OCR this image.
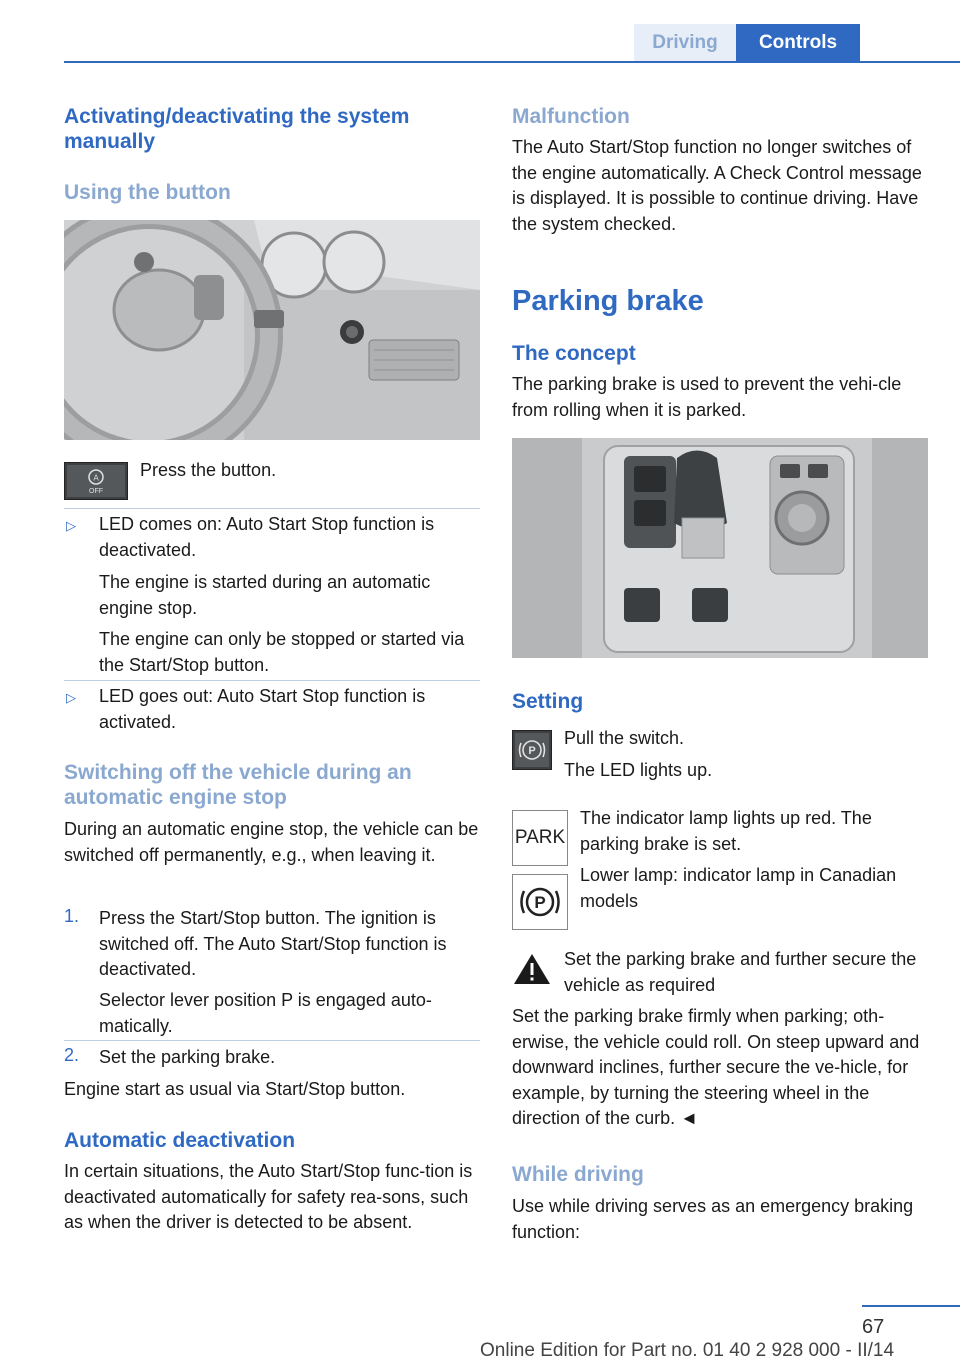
Driving	Controls
Activating/deactivating the system manually
Using the button
A
OFF
Press the button.
▷ LED comes on: Auto Start Stop function is deactivated.
The engine is started during an automatic engine stop.
The engine can only be stopped or started via the Start/Stop button.
▷ LED goes out: Auto Start Stop function is activated.
Switching off the vehicle during an automatic engine stop
During an automatic engine stop, the vehicle can be switched off permanently, e.g., when leaving it.
1. Press the Start/Stop button. The ignition is switched off. The Auto Start/Stop function is deactivated.
Selector lever position P is engaged auto-matically.
2. Set the parking brake.
Engine start as usual via Start/Stop button.
Automatic deactivation
In certain situations, the Auto Start/Stop func-tion is deactivated automatically for safety rea-sons, such as when the driver is detected to be absent.
Malfunction
The Auto Start/Stop function no longer switches of the engine automatically. A Check Control message is displayed. It is possible to continue driving. Have the system checked.
Parking brake
The concept
The parking brake is used to prevent the vehi-cle from rolling when it is parked.
Setting
P
Pull the switch.
The LED lights up.
PARK
The indicator lamp lights up red. The parking brake is set.
P
Lower lamp: indicator lamp in Canadian models
Set the parking brake and further secure the vehicle as required
Set the parking brake firmly when parking; oth-erwise, the vehicle could roll. On steep upward and downward inclines, further secure the ve-hicle, for example, by turning the steering wheel in the direction of the curb. ◄
While driving
Use while driving serves as an emergency braking function:
67
Online Edition for Part no. 01 40 2 928 000 - II/14
